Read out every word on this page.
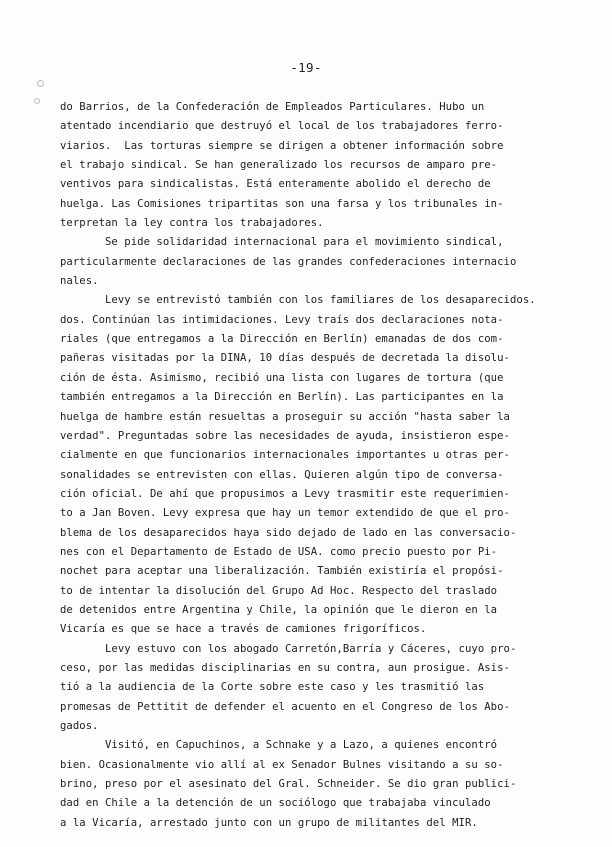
-19-
do Barrios, de la Confederación de Empleados Particulares. Hubo un
atentado incendiario que destruyó el local de los trabajadores ferro-
viarios.  Las torturas siempre se dirigen a obtener información sobre
el trabajo sindical. Se han generalizado los recursos de amparo pre-
ventivos para sindicalistas. Está enteramente abolido el derecho de
huelga. Las Comisiones tripartitas son una farsa y los tribunales in-
terpretan la ley contra los trabajadores.
Se pide solidaridad internacional para el movimiento sindical,
particularmente declaraciones de las grandes confederaciones internacio
nales.
Levy se entrevistó también con los familiares de los desaparecidos.
dos. Continúan las intimidaciones. Levy traís dos declaraciones nota-
riales (que entregamos a la Dirección en Berlín) emanadas de dos com-
pañeras visitadas por la DINA, 10 días después de decretada la disolu-
ción de ésta. Asimismo, recibió una lista con lugares de tortura (que
también entregamos a la Dirección en Berlín). Las participantes en la
huelga de hambre están resueltas a proseguir su acción "hasta saber la
verdad". Preguntadas sobre las necesidades de ayuda, insistieron espe-
cialmente en que funcionarios internacionales importantes u otras per-
sonalidades se entrevisten con ellas. Quieren algún tipo de conversa-
ción oficial. De ahí que propusimos a Levy trasmitir este requerimien-
to a Jan Boven. Levy expresa que hay un temor extendido de que el pro-
blema de los desaparecidos haya sido dejado de lado en las conversacio-
nes con el Departamento de Estado de USA. como precio puesto por Pi-
nochet para aceptar una liberalización. También existiría el propósi-
to de intentar la disolución del Grupo Ad Hoc. Respecto del traslado
de detenidos entre Argentina y Chile, la opinión que le dieron en la
Vicaría es que se hace a través de camiones frigoríficos.
Levy estuvo con los abogado Carretón,Barría y Cáceres, cuyo pro-
ceso, por las medidas disciplinarias en su contra, aun prosigue. Asis-
tió a la audiencia de la Corte sobre este caso y les trasmitió las
promesas de Pettitit de defender el acuento en el Congreso de los Abo-
gados.
Visitó, en Capuchinos, a Schnake y a Lazo, a quienes encontró
bien. Ocasionalmente vio allí al ex Senador Bulnes visitando a su so-
brino, preso por el asesinato del Gral. Schneider. Se dio gran publici-
dad en Chile a la detención de un sociólogo que trabajaba vinculado
a la Vicaría, arrestado junto con un grupo de militantes del MIR.
